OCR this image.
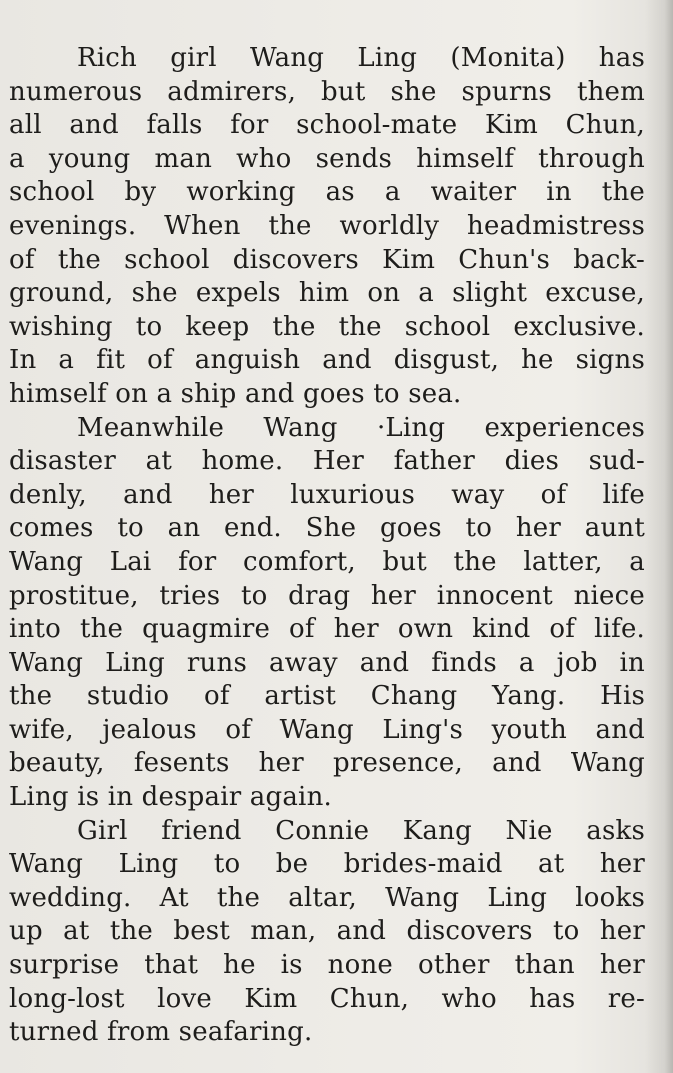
Rich girl Wang Ling (Monita) has
numerous admirers, but she spurns them
all and falls for school-mate Kim Chun,
a young man who sends himself through
school by working as a waiter in the
evenings. When the worldly headmistress
of the school discovers Kim Chun's back-
ground, she expels him on a slight excuse,
wishing to keep the the school exclusive.
In a fit of anguish and disgust, he signs
himself on a ship and goes to sea.
Meanwhile Wang ·Ling experiences
disaster at home. Her father dies sud-
denly, and her luxurious way of life
comes to an end. She goes to her aunt
Wang Lai for comfort, but the latter, a
prostitue, tries to drag her innocent niece
into the quagmire of her own kind of life.
Wang Ling runs away and finds a job in
the studio of artist Chang Yang. His
wife, jealous of Wang Ling's youth and
beauty, fesents her presence, and Wang
Ling is in despair again.
Girl friend Connie Kang Nie asks
Wang Ling to be brides-maid at her
wedding. At the altar, Wang Ling looks
up at the best man, and discovers to her
surprise that he is none other than her
long-lost love Kim Chun, who has re-
turned from seafaring.
